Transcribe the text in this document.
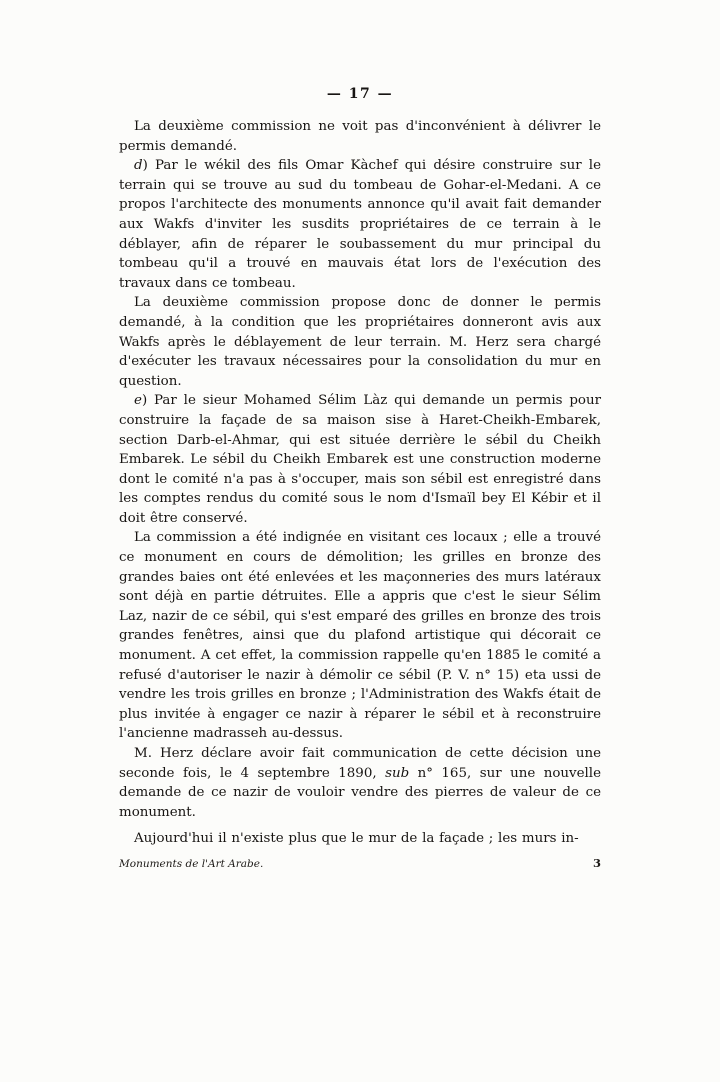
— 17 —

La deuxième commission ne voit pas d'inconvénient à délivrer le permis demandé.

d) Par le wékil des fils Omar Kàchef qui désire construire sur le terrain qui se trouve au sud du tombeau de Gohar-el-Medani. A ce propos l'architecte des monuments annonce qu'il avait fait demander aux Wakfs d'inviter les susdits propriétaires de ce terrain à le déblayer, afin de réparer le soubassement du mur principal du tombeau qu'il a trouvé en mauvais état lors de l'exécution des travaux dans ce tombeau.

La deuxième commission propose donc de donner le permis demandé, à la condition que les propriétaires donneront avis aux Wakfs après le déblayement de leur terrain. M. Herz sera chargé d'exécuter les travaux nécessaires pour la consolidation du mur en question.

e) Par le sieur Mohamed Sélim Làz qui demande un permis pour construire la façade de sa maison sise à Haret-Cheikh-Embarek, section Darb-el-Ahmar, qui est située derrière le sébil du Cheikh Embarek. Le sébil du Cheikh Embarek est une construction moderne dont le comité n'a pas à s'occuper, mais son sébil est enregistré dans les comptes rendus du comité sous le nom d'Ismaïl bey El Kébir et il doit être conservé.

La commission a été indignée en visitant ces locaux ; elle a trouvé ce monument en cours de démolition; les grilles en bronze des grandes baies ont été enlevées et les maçonneries des murs latéraux sont déjà en partie détruites. Elle a appris que c'est le sieur Sélim Laz, nazir de ce sébil, qui s'est emparé des grilles en bronze des trois grandes fenêtres, ainsi que du plafond artistique qui décorait ce monument. A cet effet, la commission rappelle qu'en 1885 le comité a refusé d'autoriser le nazir à démolir ce sébil (P. V. n° 15) eta ussi de vendre les trois grilles en bronze ; l'Administration des Wakfs était de plus invitée à engager ce nazir à réparer le sébil et à reconstruire l'ancienne madrasseh au-dessus.

M. Herz déclare avoir fait communication de cette décision une seconde fois, le 4 septembre 1890, sub n° 165, sur une nouvelle demande de ce nazir de vouloir vendre des pierres de valeur de ce monument.

Aujourd'hui il n'existe plus que le mur de la façade ; les murs in-

Monuments de l'Art Arabe.	3
